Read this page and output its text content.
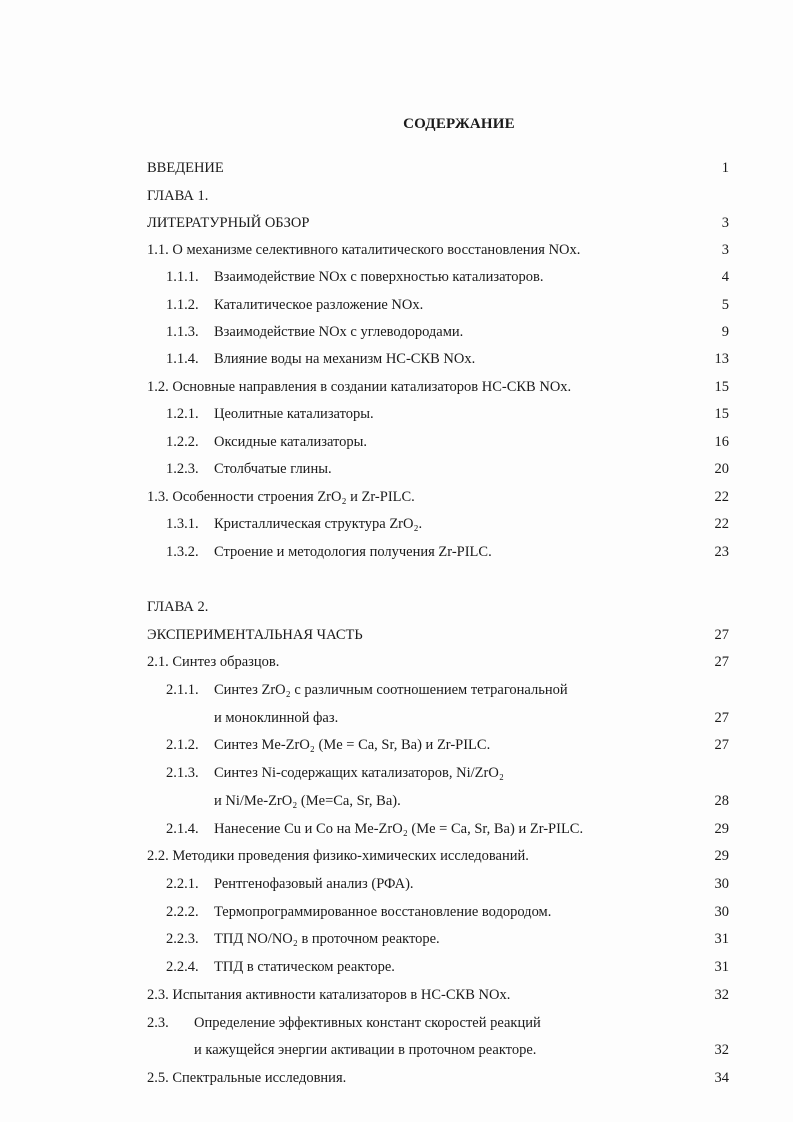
СОДЕРЖАНИЕ
ВВЕДЕНИЕ	1
ГЛАВА 1.
ЛИТЕРАТУРНЫЙ ОБЗОР	3
1.1. О механизме селективного каталитического восстановления NOx.	3
1.1.1. Взаимодействие NOx с поверхностью катализаторов.	4
1.1.2. Каталитическое разложение NOx.	5
1.1.3. Взаимодействие NOx с углеводородами.	9
1.1.4. Влияние воды на механизм НС-СКВ NOx.	13
1.2. Основные направления в создании катализаторов НС-СКВ NOx.	15
1.2.1. Цеолитные катализаторы.	15
1.2.2. Оксидные катализаторы.	16
1.2.3. Столбчатые глины.	20
1.3. Особенности строения ZrO₂ и Zr-PILC.	22
1.3.1. Кристаллическая структура ZrO₂.	22
1.3.2. Строение и методология получения Zr-PILC.	23
ГЛАВА 2.
ЭКСПЕРИМЕНТАЛЬНАЯ ЧАСТЬ	27
2.1. Синтез образцов.	27
2.1.1. Синтез ZrO₂ с различным соотношением тетрагональной
и моноклинной фаз.	27
2.1.2. Синтез Me-ZrO₂ (Me = Ca, Sr, Ba) и Zr-PILC.	27
2.1.3. Синтез Ni-содержащих катализаторов, Ni/ZrO₂
и Ni/Me-ZrO₂ (Me=Ca, Sr, Ba).	28
2.1.4. Нанесение Cu и Co на Me-ZrO₂ (Me = Ca, Sr, Ba) и Zr-PILC.	29
2.2. Методики проведения физико-химических исследований.	29
2.2.1. Рентгенофазовый анализ (РФА).	30
2.2.2. Термопрограммированное восстановление водородом.	30
2.2.3. ТПД NO/NO₂ в проточном реакторе.	31
2.2.4. ТПД в статическом реакторе.	31
2.3. Испытания активности катализаторов в НС-СКВ NOx.	32
2.3. Определение эффективных констант скоростей реакций
и кажущейся энергии активации в проточном реакторе.	32
2.5. Спектральные исследовния.	34
